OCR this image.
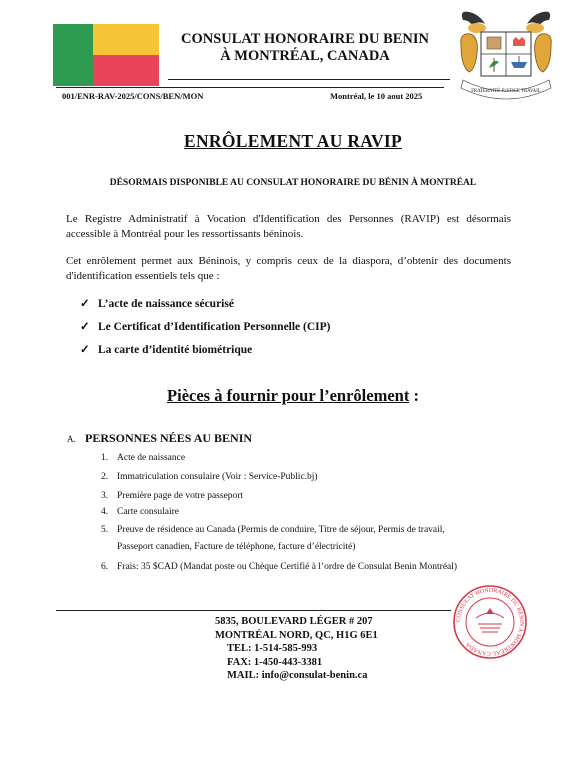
CONSULAT HONORAIRE DU BENIN
À MONTRÉAL, CANADA
FRATERNITÉ JUSTICE TRAVAIL
001/ENR-RAV-2025/CONS/BEN/MON	Montréal, le 10 aout 2025
ENRÔLEMENT AU RAVIP
DÉSORMAIS DISPONIBLE AU CONSULAT HONORAIRE DU BÉNIN À MONTRÉAL
Le Registre Administratif à Vocation d'Identification des Personnes (RAVIP) est désormais accessible à Montréal pour les ressortissants béninois.
Cet enrôlement permet aux Béninois, y compris ceux de la diaspora, d’obtenir des documents d'identification essentiels tels que :
✓ L’acte de naissance sécurisé
✓ Le Certificat d’Identification Personnelle (CIP)
✓ La carte d’identité biométrique
Pièces à fournir pour l’enrôlement :
A. PERSONNES NÉES AU BENIN
1. Acte de naissance
2. Immatriculation consulaire (Voir : Service-Public.bj)
3. Première page de votre passeport
4. Carte consulaire
5. Preuve de résidence au Canada (Permis de conduire, Titre de séjour, Permis de travail,
Passeport canadien, Facture de téléphone, facture d’électricité)
6. Frais: 35 $CAD (Mandat poste ou Chèque Certifié à l’ordre de Consulat Benin Montréal)
5835, BOULEVARD LÉGER # 207
MONTRÉAL NORD, QC, H1G 6E1
TEL: 1-514-585-993
FAX: 1-450-443-3381
MAIL: info@consulat-benin.ca
CONSULAT HONORAIRE DU BENIN À MONTRÉAL CANADA
